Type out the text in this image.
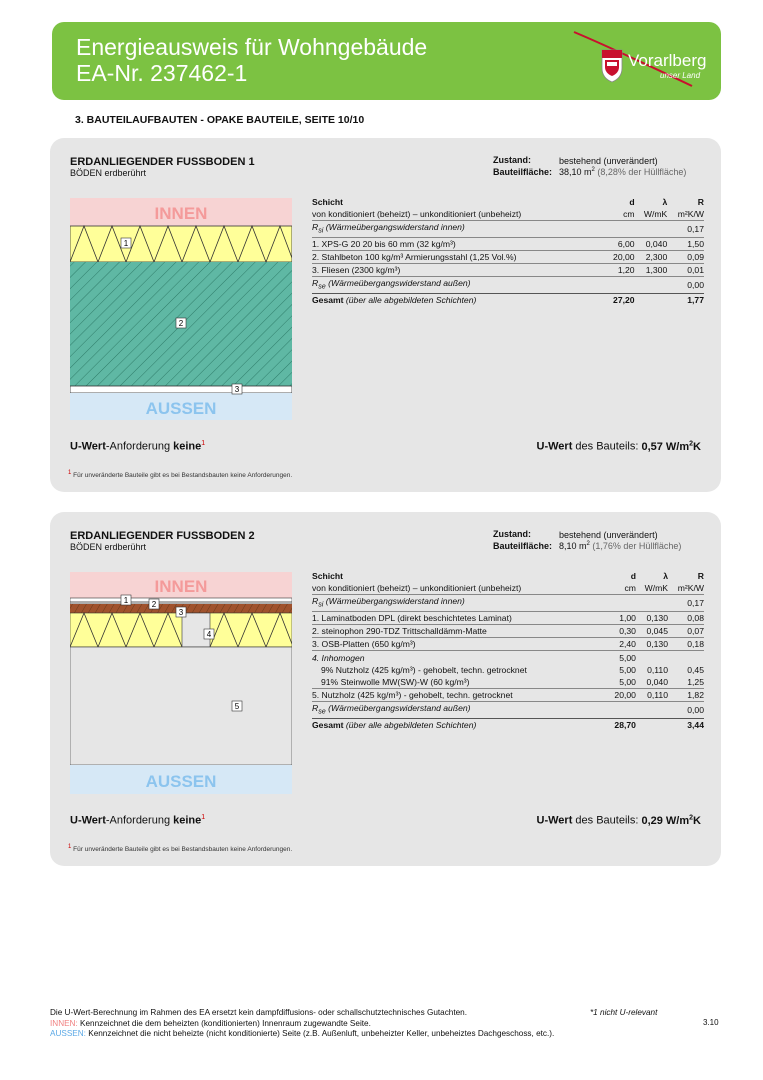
Energieausweis für Wohngebäude
EA-Nr. 237462-1	Vorarlberg
unser Land
3. BAUTEILAUFBAUTEN - OPAKE BAUTEILE, SEITE 10/10
ERDANLIEGENDER FUSSBODEN 1
BÖDEN erdberührt
Zustand:	bestehend (unverändert)
Bauteilfläche: 38,10 $m^2$ (8,28% der Hüllfläche)
INNEN
AUSSEN
1
2
3
Schicht	d	λ	R
von konditioniert (beheizt) – unkonditioniert (unbeheizt)	cm	W/mK	m²K/W
$R_{si}$ (Wärmeübergangswiderstand innen)			0,17
1. XPS-G 20 20 bis 60 mm (32 kg/m³)	6,00	0,040	1,50
2. Stahlbeton 100 kg/m³ Armierungsstahl (1,25 Vol.%)	20,00	2,300	0,09
3. Fliesen (2300 kg/m³)	1,20	1,300	0,01
$R_{se}$ (Wärmeübergangswiderstand außen)			0,00
Gesamt (über alle abgebildeten Schichten)	27,20		1,77
U-Wert-Anforderung keine$^1$	U-Wert des Bauteils: 0,57 $W/m^2K$
1 Für unveränderte Bauteile gibt es bei Bestandsbauten keine Anforderungen.
ERDANLIEGENDER FUSSBODEN 2
BÖDEN erdberührt
Zustand:	bestehend (unverändert)
Bauteilfläche: 8,10 $m^2$ (1,76% der Hüllfläche)
INNEN
AUSSEN
1	2
3
4
5
Schicht	d	λ	R
von konditioniert (beheizt) – unkonditioniert (unbeheizt)	cm	W/mK	m²K/W
$R_{si}$ (Wärmeübergangswiderstand innen)			0,17
1. Laminatboden DPL (direkt beschichtetes Laminat)	1,00	0,130	0,08
2. steinophon 290-TDZ Trittschalldämm-Matte	0,30	0,045	0,07
3. OSB-Platten (650 kg/m³)	2,40	0,130	0,18
4. Inhomogen	5,00		
9% Nutzholz (425 kg/m³) - gehobelt, techn. getrocknet	5,00	0,110	0,45
91% Steinwolle MW(SW)-W (60 kg/m³)	5,00	0,040	1,25
5. Nutzholz (425 kg/m³) - gehobelt, techn. getrocknet	20,00	0,110	1,82
$R_{se}$ (Wärmeübergangswiderstand außen)			0,00
Gesamt (über alle abgebildeten Schichten)	28,70		3,44
U-Wert-Anforderung keine$^1$	U-Wert des Bauteils: 0,29 $W/m^2K$
1 Für unveränderte Bauteile gibt es bei Bestandsbauten keine Anforderungen.
Die U-Wert-Berechnung im Rahmen des EA ersetzt kein dampfdiffusions- oder schallschutztechnisches Gutachten.
INNEN: Kennzeichnet die dem beheizten (konditionierten) Innenraum zugewandte Seite.
AUSSEN: Kennzeichnet die nicht beheizte (nicht konditionierte) Seite (z.B. Außenluft, unbeheizter Keller, unbeheiztes Dachgeschoss, etc.).
*1 nicht U-relevant
3.10
